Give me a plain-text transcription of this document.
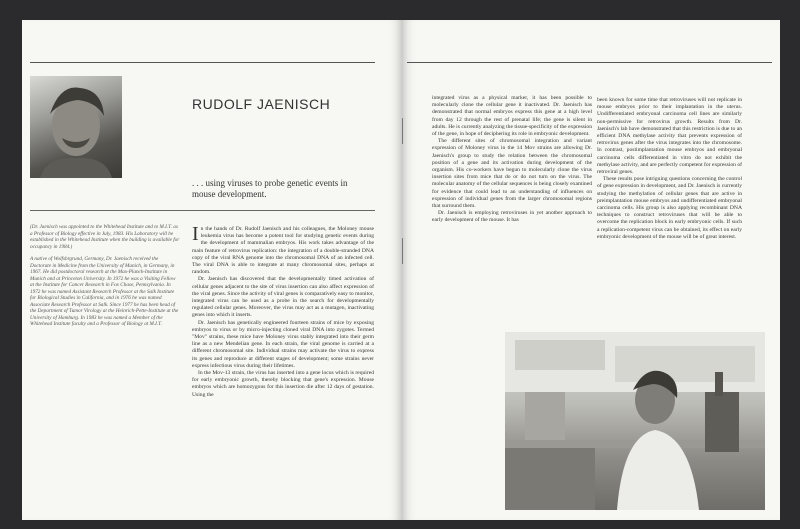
RUDOLF JAENISCH
. . . using viruses to probe genetic events in mouse development.

(Dr. Jaenisch was appointed to the Whitehead Institute and to M.I.T. as a Professor of Biology effective in July, 1983. His Laboratory will be established in the Whitehead Institute when the building is available for occupancy in 1984.)

A native of Wolfsbrgrund, Germany, Dr. Jaenisch received the Doctorate in Medicine from the University of Munich, in Germany, in 1967. He did postdoctoral research at the Max-Planck-Institute in Munich and at Princeton University. In 1972 he was a Visiting Fellow at the Institute for Cancer Research in Fox Chase, Pennsylvania. In 1972 he was named Assistant Research Professor at the Salk Institute for Biological Studies in California, and in 1976 he was named Associate Research Professor at Salk. Since 1977 he has been head of the Department of Tumor Virology at the Heinrich-Pette-Institute at the University of Hamburg. In 1983 he was named a Member of the Whitehead Institute faculty and a Professor of Biology at M.I.T.

In the hands of Dr. Rudolf Jaenisch and his colleagues, the Moloney mouse leukemia virus has become a potent tool for studying genetic events during the development of mammalian embryos. His work takes advantage of the main feature of retrovirus replication: the integration of a double-stranded DNA copy of the viral RNA genome into the chromosomal DNA of an infected cell. The viral DNA is able to integrate at many chromosomal sites, perhaps at random.

Dr. Jaenisch has discovered that the developmentally timed activation of cellular genes adjacent to the site of virus insertion can also affect expression of the viral genes. Since the activity of viral genes is comparatively easy to monitor, integrated virus can be used as a probe in the search for developmentally regulated cellular genes. Moreover, the virus may act as a mutagen, inactivating genes into which it inserts.

Dr. Jaenisch has genetically engineered fourteen strains of mice by exposing embryos to virus or by micro-injecting cloned viral DNA into zygotes. Termed "Mov" strains, these mice have Moloney virus stably integrated into their germ line as a new Mendelian gene. In each strain, the viral genome is carried at a different chromosomal site. Individual strains may activate the virus to express its genes and reproduce at different stages of development; some strains never express infectious virus during their lifetimes.

In the Mov-13 strain, the virus has inserted into a gene locus which is required for early embryonic growth, thereby blocking that gene's expression. Mouse embryos which are homozygous for this insertion die after 12 days of gestation. Using the

integrated virus as a physical marker, it has been possible to molecularly clone the cellular gene it inactivated. Dr. Jaenisch has demonstrated that normal embryos express this gene at a high level from day 12 through the rest of prenatal life; the gene is silent in adults. He is currently analyzing the tissue-specificity of the expression of the gene, in hope of deciphering its role in embryonic development.

The different sites of chromosomal integration and variant expression of Moloney virus in the 14 Mov strains are allowing Dr. Jaenisch's group to study the relation between the chromosomal position of a gene and its activation during development of the organism. His co-workers have begun to molecularly clone the virus insertion sites from mice that do or do not turn on the virus. The molecular anatomy of the cellular sequences is being closely examined for evidence that could lead to an understanding of influences on expression of individual genes from the larger chromosomal regions that surround them.

Dr. Jaenisch is employing retroviruses in yet another approach to early development of the mouse. It has

been known for some time that retroviruses will not replicate in mouse embryos prior to their implantation in the uterus. Undifferentiated embryonal carcinoma cell lines are similarly non-permissive for retrovirus growth. Results from Dr. Jaenisch's lab have demonstrated that this restriction is due to an efficient DNA methylase activity that prevents expression of retrovirus genes after the virus integrates into the chromosome. In contrast, postimplantation mouse embryos and embryonal carcinoma cells differentiated in vitro do not exhibit the methylase activity, and are perfectly competent for expression of retroviral genes.

These results pose intriguing questions concerning the control of gene expression in development, and Dr. Jaenisch is currently studying the methylation of cellular genes that are active in preimplantation mouse embryos and undifferentiated embryonal carcinoma cells. His group is also applying recombinant DNA techniques to construct retroviruses that will be able to overcome the replication block in early embryonic cells. If such a replication-competent virus can be obtained, its effect on early embryonic development of the mouse will be of great interest.
